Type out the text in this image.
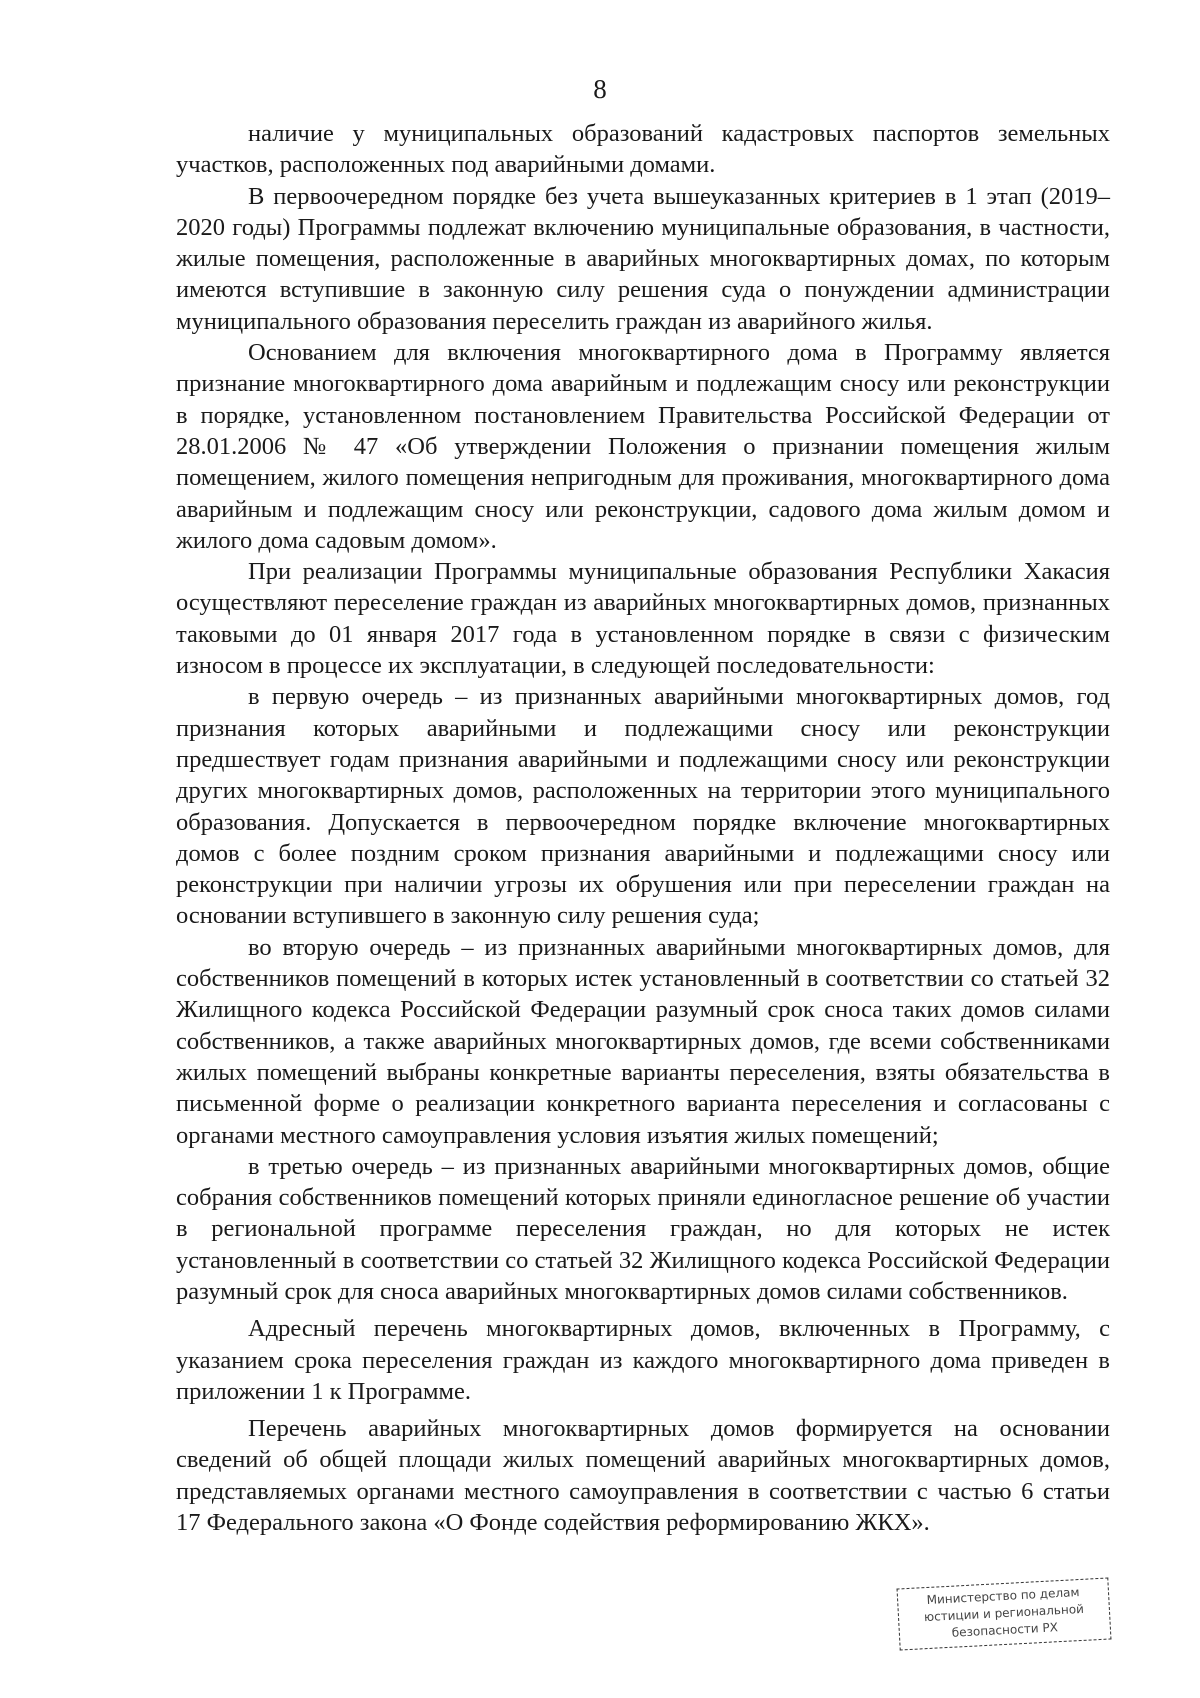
8

наличие у муниципальных образований кадастровых паспортов земельных участков, расположенных под аварийными домами.

В первоочередном порядке без учета вышеуказанных критериев в 1 этап (2019–2020 годы) Программы подлежат включению муниципальные образования, в частности, жилые помещения, расположенные в аварийных многоквартирных домах, по которым имеются вступившие в законную силу решения суда о понуждении администрации муниципального образования переселить граждан из аварийного жилья.

Основанием для включения многоквартирного дома в Программу является признание многоквартирного дома аварийным и подлежащим сносу или реконструкции в порядке, установленном постановлением Правительства Российской Федерации от 28.01.2006 № 47 «Об утверждении Положения о признании помещения жилым помещением, жилого помещения непригодным для проживания, многоквартирного дома аварийным и подлежащим сносу или реконструкции, садового дома жилым домом и жилого дома садовым домом».

При реализации Программы муниципальные образования Республики Хакасия осуществляют переселение граждан из аварийных многоквартирных домов, признанных таковыми до 01 января 2017 года в установленном порядке в связи с физическим износом в процессе их эксплуатации, в следующей последовательности:

в первую очередь – из признанных аварийными многоквартирных домов, год признания которых аварийными и подлежащими сносу или реконструкции предшествует годам признания аварийными и подлежащими сносу или реконструкции других многоквартирных домов, расположенных на территории этого муниципального образования. Допускается в первоочередном порядке включение многоквартирных домов с более поздним сроком признания аварийными и подлежащими сносу или реконструкции при наличии угрозы их обрушения или при переселении граждан на основании вступившего в законную силу решения суда;

во вторую очередь – из признанных аварийными многоквартирных домов, для собственников помещений в которых истек установленный в соответствии со статьей 32 Жилищного кодекса Российской Федерации разумный срок сноса таких домов силами собственников, а также аварийных многоквартирных домов, где всеми собственниками жилых помещений выбраны конкретные варианты переселения, взяты обязательства в письменной форме о реализации конкретного варианта переселения и согласованы с органами местного самоуправления условия изъятия жилых помещений;

в третью очередь – из признанных аварийными многоквартирных домов, общие собрания собственников помещений которых приняли единогласное решение об участии в региональной программе переселения граждан, но для которых не истек установленный в соответствии со статьей 32 Жилищного кодекса Российской Федерации разумный срок для сноса аварийных многоквартирных домов силами собственников.

Адресный перечень многоквартирных домов, включенных в Программу, с указанием срока переселения граждан из каждого многоквартирного дома приведен в приложении 1 к Программе.

Перечень аварийных многоквартирных домов формируется на основании сведений об общей площади жилых помещений аварийных многоквартирных домов, представляемых органами местного самоуправления в соответствии с частью 6 статьи 17 Федерального закона «О Фонде содействия реформированию ЖКХ».

Министерство по делам
юстиции и региональной
безопасности РХ
